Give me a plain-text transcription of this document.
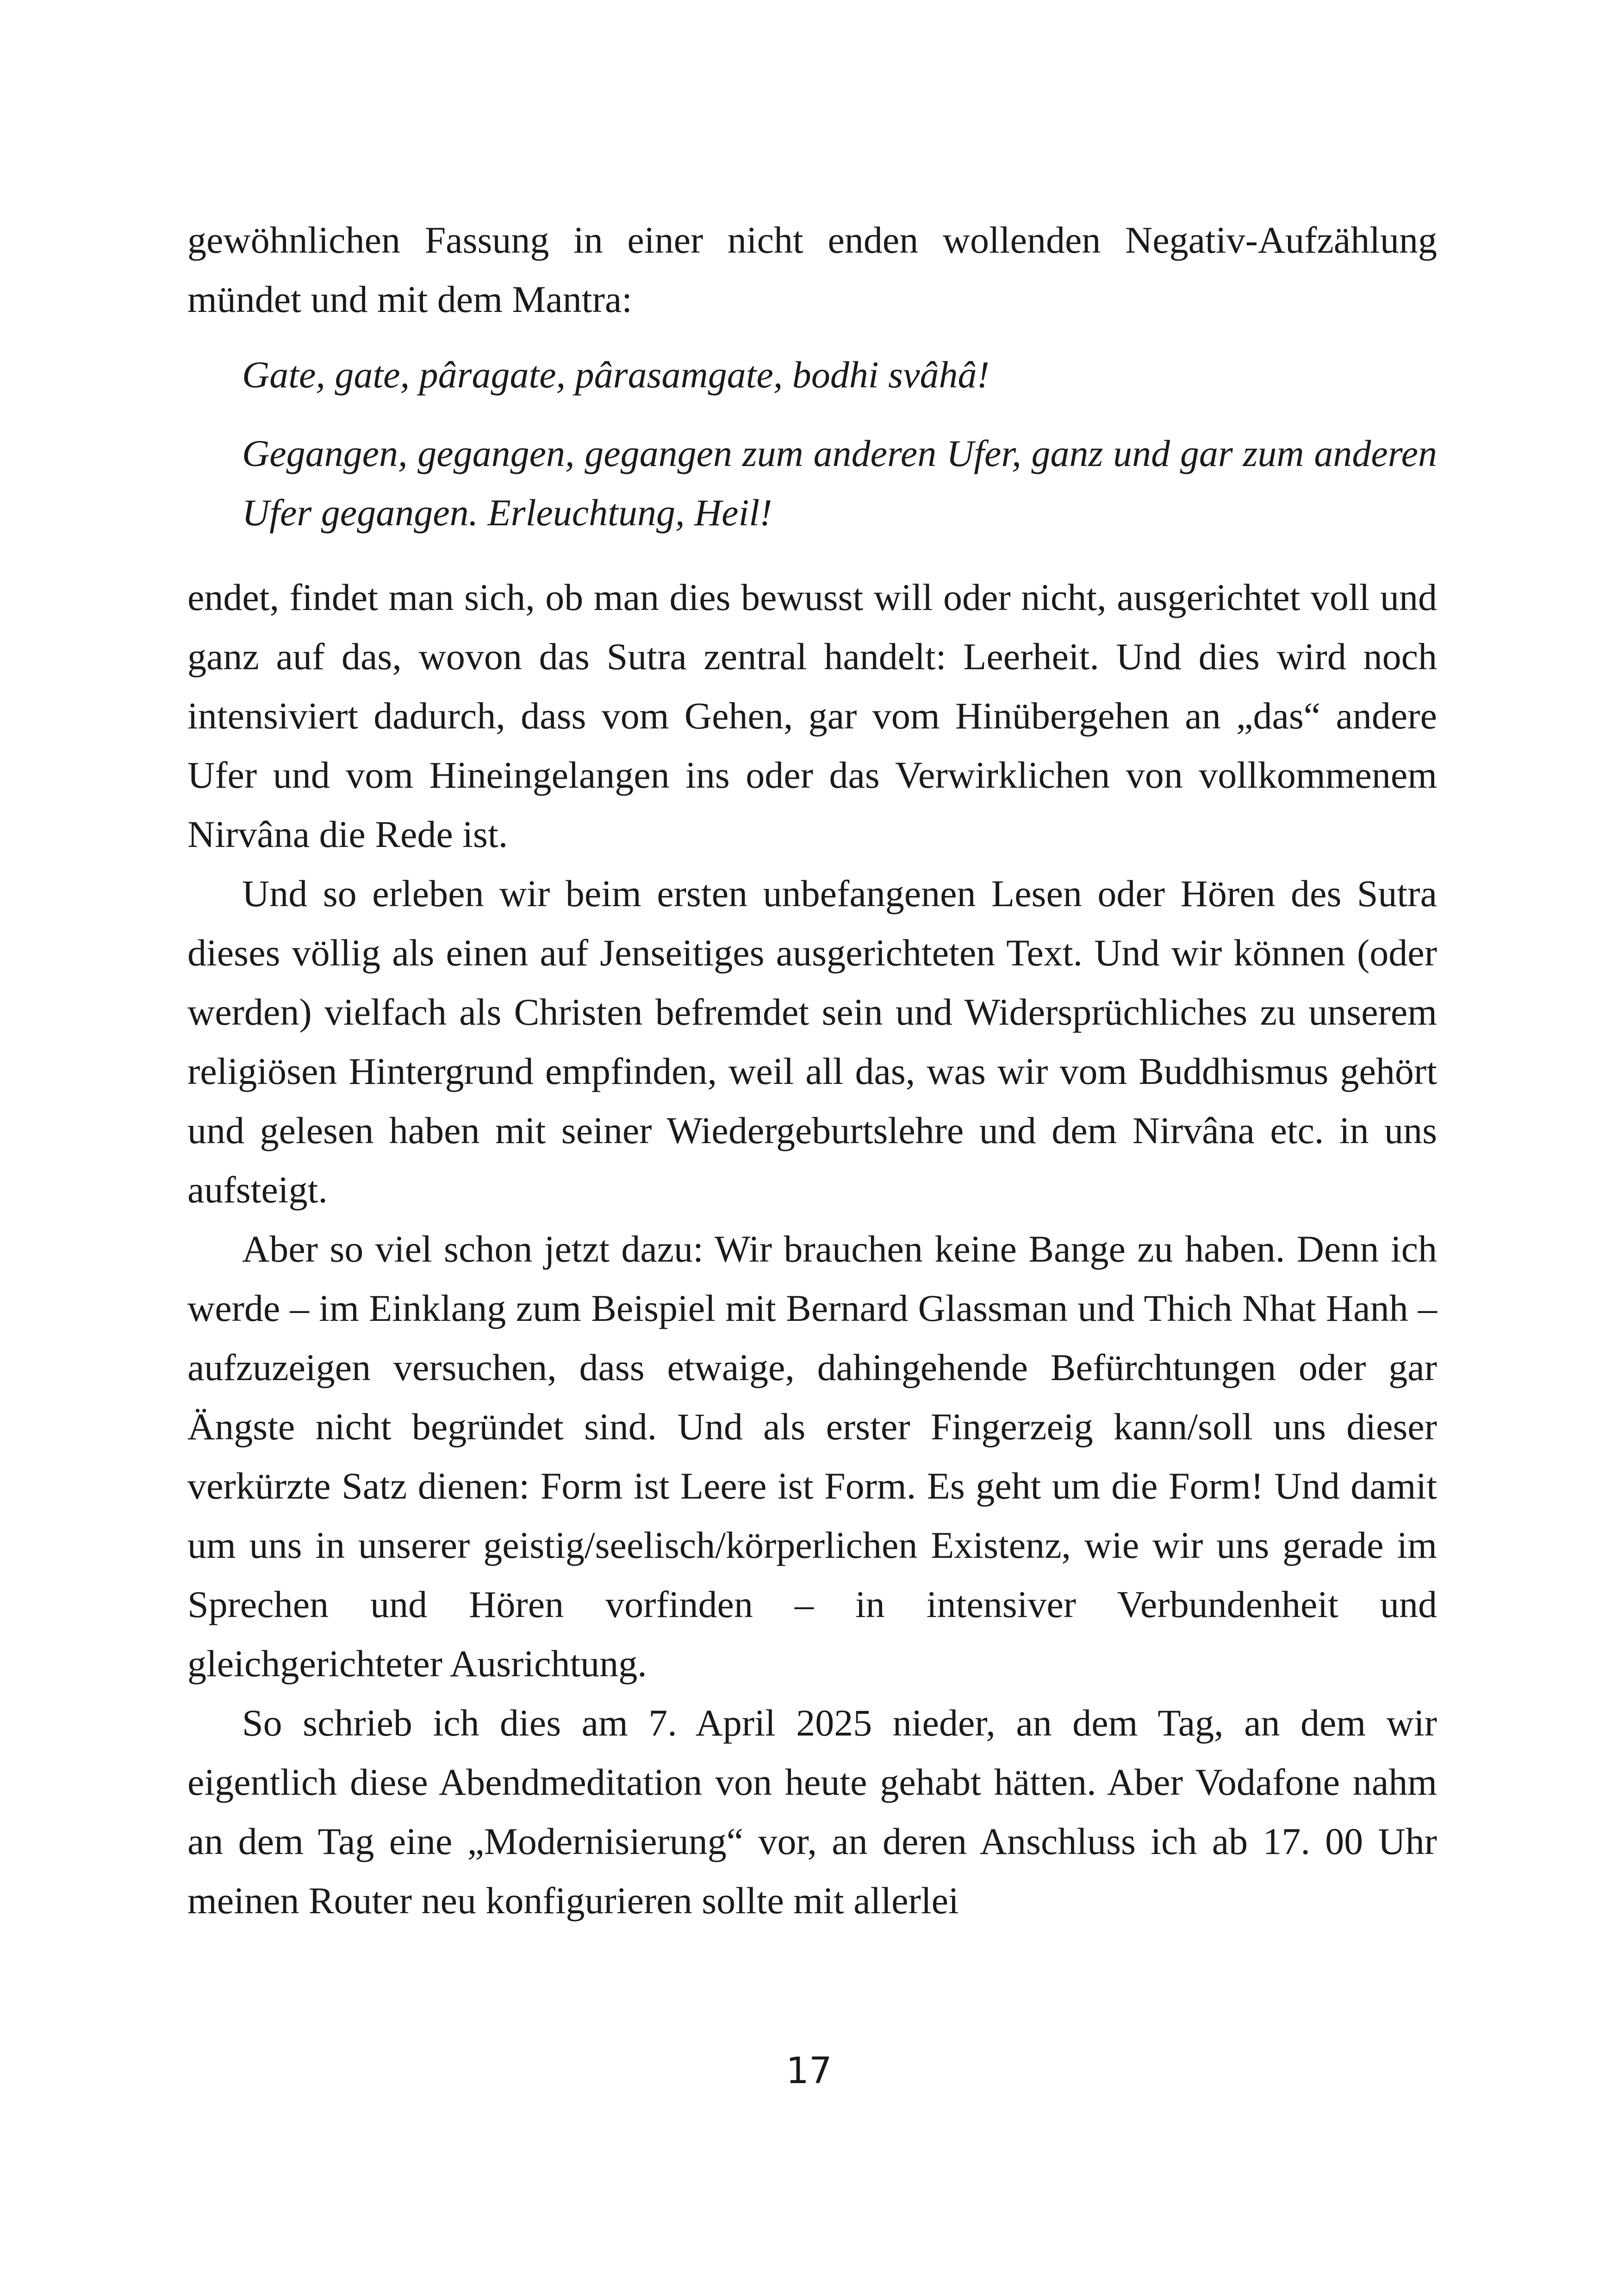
gewöhnlichen Fassung in einer nicht enden wollenden Negativ-Aufzählung mündet und mit dem Mantra:

Gate, gate, pâragate, pârasamgate, bodhi svâhâ!

Gegangen, gegangen, gegangen zum anderen Ufer, ganz und gar zum anderen Ufer gegangen. Erleuchtung, Heil!

endet, findet man sich, ob man dies bewusst will oder nicht, ausgerichtet voll und ganz auf das, wovon das Sutra zentral handelt: Leerheit. Und dies wird noch intensiviert dadurch, dass vom Gehen, gar vom Hinübergehen an „das“ andere Ufer und vom Hineingelangen ins oder das Verwirklichen von vollkommenem Nirvâna die Rede ist.

Und so erleben wir beim ersten unbefangenen Lesen oder Hören des Sutra dieses völlig als einen auf Jenseitiges ausgerichteten Text. Und wir können (oder werden) vielfach als Christen befremdet sein und Widersprüchliches zu unserem religiösen Hintergrund empfinden, weil all das, was wir vom Buddhismus gehört und gelesen haben mit seiner Wiedergeburtslehre und dem Nirvâna etc. in uns aufsteigt.

Aber so viel schon jetzt dazu: Wir brauchen keine Bange zu haben. Denn ich werde – im Einklang zum Beispiel mit Bernard Glassman und Thich Nhat Hanh – aufzuzeigen versuchen, dass etwaige, dahingehende Befürchtungen oder gar Ängste nicht begründet sind. Und als erster Fingerzeig kann/soll uns dieser verkürzte Satz dienen: Form ist Leere ist Form. Es geht um die Form! Und damit um uns in unserer geistig/seelisch/körperlichen Existenz, wie wir uns gerade im Sprechen und Hören vorfinden – in intensiver Verbundenheit und gleichgerichteter Ausrichtung.

So schrieb ich dies am 7. April 2025 nieder, an dem Tag, an dem wir eigentlich diese Abendmeditation von heute gehabt hätten. Aber Vodafone nahm an dem Tag eine „Modernisierung“ vor, an deren Anschluss ich ab 17. 00 Uhr meinen Router neu konfigurieren sollte mit allerlei

17
